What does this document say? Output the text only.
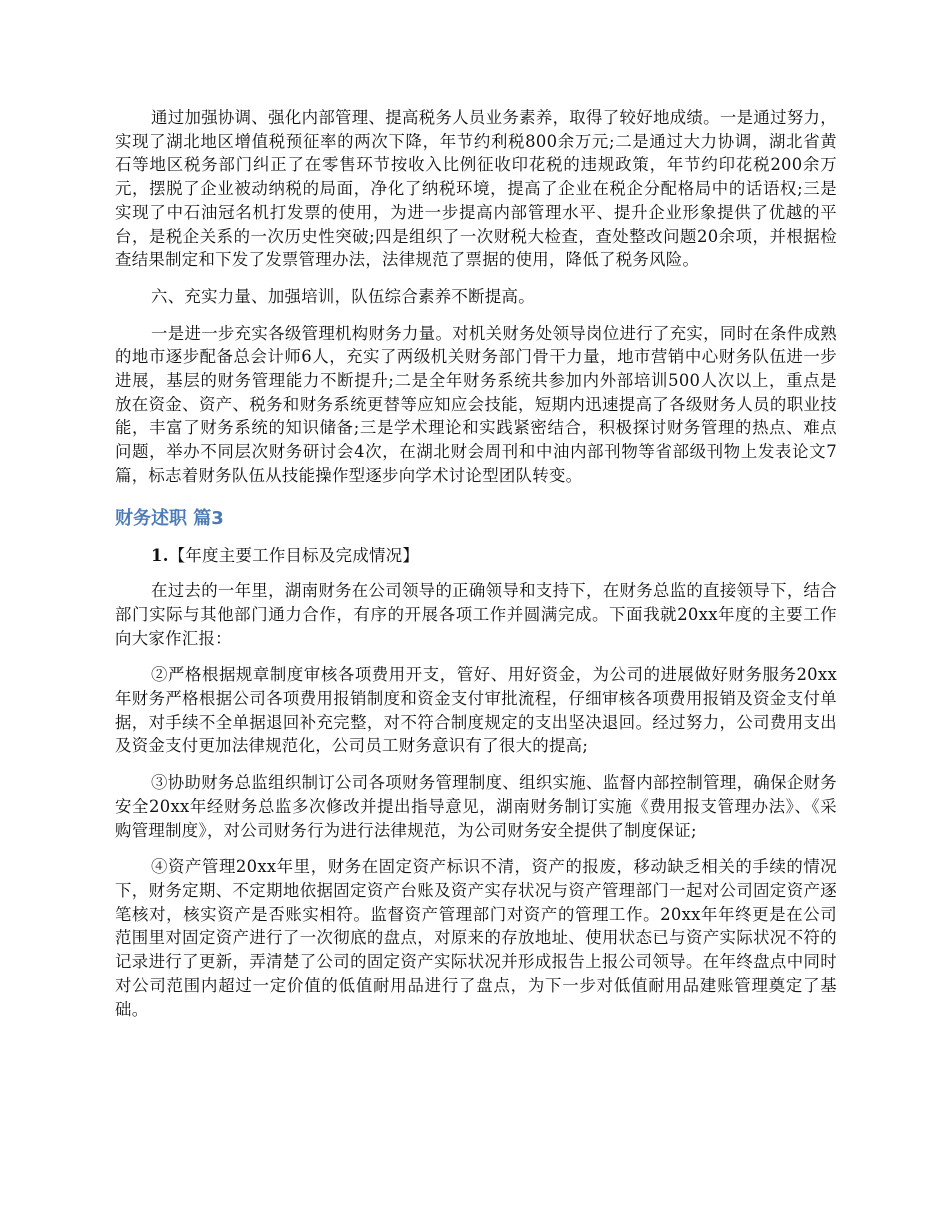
通过加强协调、强化内部管理、提高税务人员业务素养，取得了较好地成绩。一是通过努力，实现了湖北地区增值税预征率的两次下降，年节约利税800余万元;二是通过大力协调，湖北省黄石等地区税务部门纠正了在零售环节按收入比例征收印花税的违规政策，年节约印花税200余万元，摆脱了企业被动纳税的局面，净化了纳税环境，提高了企业在税企分配格局中的话语权;三是实现了中石油冠名机打发票的使用，为进一步提高内部管理水平、提升企业形象提供了优越的平台，是税企关系的一次历史性突破;四是组织了一次财税大检查，查处整改问题20余项，并根据检查结果制定和下发了发票管理办法，法律规范了票据的使用，降低了税务风险。

六、充实力量、加强培训，队伍综合素养不断提高。

一是进一步充实各级管理机构财务力量。对机关财务处领导岗位进行了充实，同时在条件成熟的地市逐步配备总会计师6人，充实了两级机关财务部门骨干力量，地市营销中心财务队伍进一步进展，基层的财务管理能力不断提升;二是全年财务系统共参加内外部培训500人次以上，重点是放在资金、资产、税务和财务系统更替等应知应会技能，短期内迅速提高了各级财务人员的职业技能，丰富了财务系统的知识储备;三是学术理论和实践紧密结合，积极探讨财务管理的热点、难点问题，举办不同层次财务研讨会4次，在湖北财会周刊和中油内部刊物等省部级刊物上发表论文7篇，标志着财务队伍从技能操作型逐步向学术讨论型团队转变。

财务述职 篇3

1.【年度主要工作目标及完成情况】

在过去的一年里，湖南财务在公司领导的正确领导和支持下，在财务总监的直接领导下，结合部门实际与其他部门通力合作，有序的开展各项工作并圆满完成。下面我就20xx年度的主要工作向大家作汇报：

②严格根据规章制度审核各项费用开支，管好、用好资金，为公司的进展做好财务服务20xx年财务严格根据公司各项费用报销制度和资金支付审批流程，仔细审核各项费用报销及资金支付单据，对手续不全单据退回补充完整，对不符合制度规定的支出坚决退回。经过努力，公司费用支出及资金支付更加法律规范化，公司员工财务意识有了很大的提高;

③协助财务总监组织制订公司各项财务管理制度、组织实施、监督内部控制管理，确保企财务安全20xx年经财务总监多次修改并提出指导意见，湖南财务制订实施《费用报支管理办法》、《采购管理制度》，对公司财务行为进行法律规范，为公司财务安全提供了制度保证;

④资产管理20xx年里，财务在固定资产标识不清，资产的报废，移动缺乏相关的手续的情况下，财务定期、不定期地依据固定资产台账及资产实存状况与资产管理部门一起对公司固定资产逐笔核对，核实资产是否账实相符。监督资产管理部门对资产的管理工作。20xx年年终更是在公司范围里对固定资产进行了一次彻底的盘点，对原来的存放地址、使用状态已与资产实际状况不符的记录进行了更新，弄清楚了公司的固定资产实际状况并形成报告上报公司领导。在年终盘点中同时对公司范围内超过一定价值的低值耐用品进行了盘点，为下一步对低值耐用品建账管理奠定了基础。
